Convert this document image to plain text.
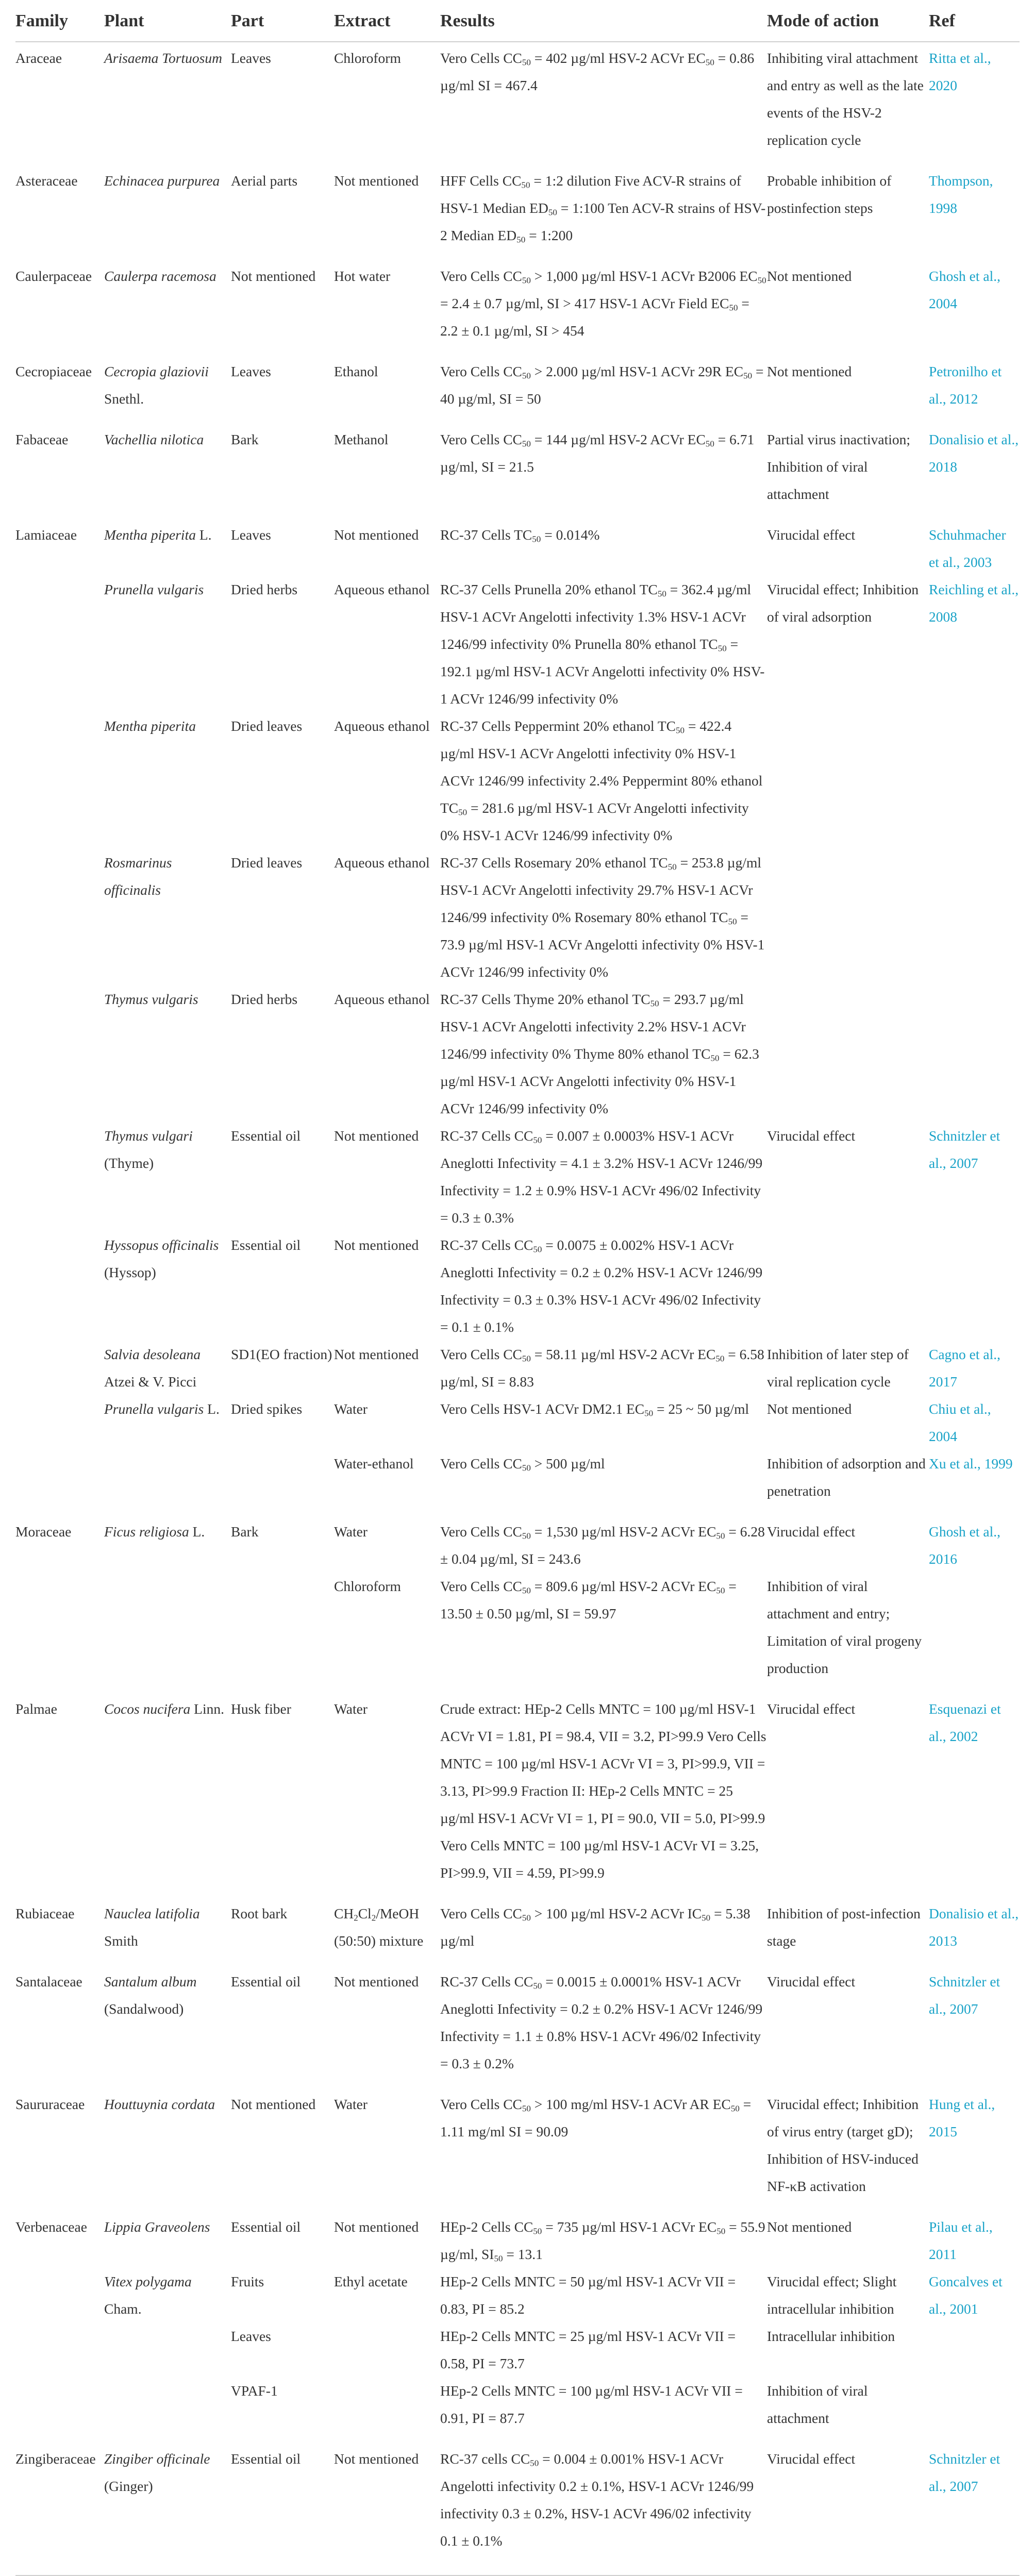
Family	Plant	Part	Extract	Results	Mode of action	Ref
Araceae	Arisaema Tortuosum	Leaves	Chloroform	Vero Cells $CC_{50} = 402$ µg/ml HSV-2 ACVr $EC_{50} = 0.86$ µg/ml SI = 467.4	Inhibiting viral attachment and entry as well as the late events of the HSV-2 replication cycle	Ritta et al., 2020
Asteraceae	Echinacea purpurea	Aerial parts	Not mentioned	HFF Cells $CC_{50}$ = 1:2 dilution Five ACV-R strains of HSV-1 Median $ED_{50}$ = 1:100 Ten ACV-R strains of HSV-2 Median $ED_{50}$ = 1:200	Probable inhibition of postinfection steps	Thompson, 1998
Caulerpaceae	Caulerpa racemosa	Not mentioned	Hot water	Vero Cells $CC_{50} > 1,000$ µg/ml HSV-1 ACVr B2006 $EC_{50} = 2.4 \pm 0.7$ µg/ml, SI > 417 HSV-1 ACVr Field $EC_{50} = 2.2 \pm 0.1$ µg/ml, SI > 454	Not mentioned	Ghosh et al., 2004
Cecropiaceae	Cecropia glaziovii Snethl.	Leaves	Ethanol	Vero Cells $CC_{50} > 2.000$ µg/ml HSV-1 ACVr 29R $EC_{50} = 40$ µg/ml, SI = 50	Not mentioned	Petronilho et al., 2012
Fabaceae	Vachellia nilotica	Bark	Methanol	Vero Cells $CC_{50} = 144$ µg/ml HSV-2 ACVr $EC_{50} = 6.71$ µg/ml, SI = 21.5	Partial virus inactivation; Inhibition of viral attachment	Donalisio et al., 2018
Lamiaceae	Mentha piperita L.	Leaves	Not mentioned	RC-37 Cells $TC_{50} = 0.014\%$	Virucidal effect	Schuhmacher et al., 2003
	Prunella vulgaris	Dried herbs	Aqueous ethanol	RC-37 Cells Prunella 20% ethanol $TC_{50} = 362.4$ µg/ml HSV-1 ACVr Angelotti infectivity 1.3% HSV-1 ACVr 1246/99 infectivity 0% Prunella 80% ethanol $TC_{50} = 192.1$ µg/ml HSV-1 ACVr Angelotti infectivity 0% HSV-1 ACVr 1246/99 infectivity 0%	Virucidal effect; Inhibition of viral adsorption	Reichling et al., 2008
	Mentha piperita	Dried leaves	Aqueous ethanol	RC-37 Cells Peppermint 20% ethanol $TC_{50} = 422.4$ µg/ml HSV-1 ACVr Angelotti infectivity 0% HSV-1 ACVr 1246/99 infectivity 2.4% Peppermint 80% ethanol $TC_{50} = 281.6$ µg/ml HSV-1 ACVr Angelotti infectivity 0% HSV-1 ACVr 1246/99 infectivity 0%		
	Rosmarinus officinalis	Dried leaves	Aqueous ethanol	RC-37 Cells Rosemary 20% ethanol $TC_{50} = 253.8$ µg/ml HSV-1 ACVr Angelotti infectivity 29.7% HSV-1 ACVr 1246/99 infectivity 0% Rosemary 80% ethanol $TC_{50} = 73.9$ µg/ml HSV-1 ACVr Angelotti infectivity 0% HSV-1 ACVr 1246/99 infectivity 0%		
	Thymus vulgaris	Dried herbs	Aqueous ethanol	RC-37 Cells Thyme 20% ethanol $TC_{50} = 293.7$ µg/ml HSV-1 ACVr Angelotti infectivity 2.2% HSV-1 ACVr 1246/99 infectivity 0% Thyme 80% ethanol $TC_{50} = 62.3$ µg/ml HSV-1 ACVr Angelotti infectivity 0% HSV-1 ACVr 1246/99 infectivity 0%		
	Thymus vulgari (Thyme)	Essential oil	Not mentioned	RC-37 Cells $CC_{50} = 0.007 \pm 0.0003\%$ HSV-1 ACVr Aneglotti Infectivity = 4.1 ± 3.2% HSV-1 ACVr 1246/99 Infectivity = 1.2 ± 0.9% HSV-1 ACVr 496/02 Infectivity = 0.3 ± 0.3%	Virucidal effect	Schnitzler et al., 2007
	Hyssopus officinalis (Hyssop)	Essential oil	Not mentioned	RC-37 Cells $CC_{50} = 0.0075 \pm 0.002\%$ HSV-1 ACVr Aneglotti Infectivity = 0.2 ± 0.2% HSV-1 ACVr 1246/99 Infectivity = 0.3 ± 0.3% HSV-1 ACVr 496/02 Infectivity = 0.1 ± 0.1%		
	Salvia desoleana Atzei & V. Picci	SD1(EO fraction)	Not mentioned	Vero Cells $CC_{50} = 58.11$ µg/ml HSV-2 ACVr $EC_{50} = 6.58$ µg/ml, SI = 8.83	Inhibition of later step of viral replication cycle	Cagno et al., 2017
	Prunella vulgaris L.	Dried spikes	Water	Vero Cells HSV-1 ACVr DM2.1 $EC_{50} = 25$ ~ 50 µg/ml	Not mentioned	Chiu et al., 2004
			Water-ethanol	Vero Cells $CC_{50} > 500$ µg/ml	Inhibition of adsorption and penetration	Xu et al., 1999
Moraceae	Ficus religiosa L.	Bark	Water	Vero Cells $CC_{50} = 1,530$ µg/ml HSV-2 ACVr $EC_{50} = 6.28 \pm 0.04$ µg/ml, SI = 243.6	Virucidal effect	Ghosh et al., 2016
			Chloroform	Vero Cells $CC_{50} = 809.6$ µg/ml HSV-2 ACVr $EC_{50} = 13.50 \pm 0.50$ µg/ml, SI = 59.97	Inhibition of viral attachment and entry; Limitation of viral progeny production	
Palmae	Cocos nucifera Linn.	Husk fiber	Water	Crude extract: HEp-2 Cells MNTC = 100 µg/ml HSV-1 ACVr VI = 1.81, PI = 98.4, VII = 3.2, PI>99.9 Vero Cells MNTC = 100 µg/ml HSV-1 ACVr VI = 3, PI>99.9, VII = 3.13, PI>99.9 Fraction II: HEp-2 Cells MNTC = 25 µg/ml HSV-1 ACVr VI = 1, PI = 90.0, VII = 5.0, PI>99.9 Vero Cells MNTC = 100 µg/ml HSV-1 ACVr VI = 3.25, PI>99.9, VII = 4.59, PI>99.9	Virucidal effect	Esquenazi et al., 2002
Rubiaceae	Nauclea latifolia Smith	Root bark	$CH_2Cl_2$/MeOH (50:50) mixture	Vero Cells $CC_{50} > 100$ µg/ml HSV-2 ACVr $IC_{50} = 5.38$ µg/ml	Inhibition of post-infection stage	Donalisio et al., 2013
Santalaceae	Santalum album (Sandalwood)	Essential oil	Not mentioned	RC-37 Cells $CC_{50} = 0.0015 \pm 0.0001\%$ HSV-1 ACVr Aneglotti Infectivity = 0.2 ± 0.2% HSV-1 ACVr 1246/99 Infectivity = 1.1 ± 0.8% HSV-1 ACVr 496/02 Infectivity = 0.3 ± 0.2%	Virucidal effect	Schnitzler et al., 2007
Saururaceae	Houttuynia cordata	Not mentioned	Water	Vero Cells $CC_{50} > 100$ mg/ml HSV-1 ACVr AR $EC_{50} = 1.11$ mg/ml SI = 90.09	Virucidal effect; Inhibition of virus entry (target gD); Inhibition of HSV-induced NF-κB activation	Hung et al., 2015
Verbenaceae	Lippia Graveolens	Essential oil	Not mentioned	HEp-2 Cells $CC_{50} = 735$ µg/ml HSV-1 ACVr $EC_{50} = 55.9$ µg/ml, $SI_{50} = 13.1$	Not mentioned	Pilau et al., 2011
	Vitex polygama Cham.	Fruits	Ethyl acetate	HEp-2 Cells MNTC = 50 µg/ml HSV-1 ACVr VII = 0.83, PI = 85.2	Virucidal effect; Slight intracellular inhibition	Goncalves et al., 2001
		Leaves		HEp-2 Cells MNTC = 25 µg/ml HSV-1 ACVr VII = 0.58, PI = 73.7	Intracellular inhibition	
		VPAF-1		HEp-2 Cells MNTC = 100 µg/ml HSV-1 ACVr VII = 0.91, PI = 87.7	Inhibition of viral attachment	
Zingiberaceae	Zingiber officinale (Ginger)	Essential oil	Not mentioned	RC-37 cells $CC_{50} = 0.004 \pm 0.001\%$ HSV-1 ACVr Angelotti infectivity 0.2 ± 0.1%, HSV-1 ACVr 1246/99 infectivity 0.3 ± 0.2%, HSV-1 ACVr 496/02 infectivity 0.1 ± 0.1%	Virucidal effect	Schnitzler et al., 2007
